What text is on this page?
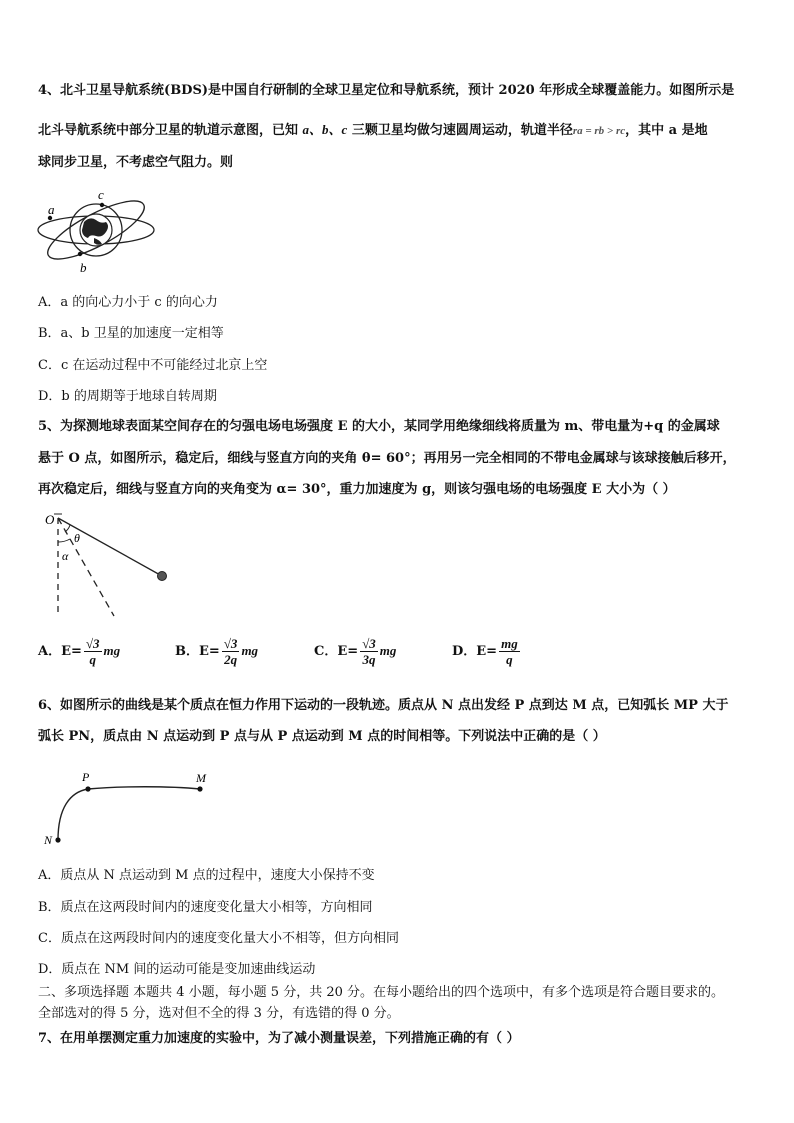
4、北斗卫星导航系统(BDS)是中国自行研制的全球卫星定位和导航系统，预计 2020 年形成全球覆盖能力。如图所示是
北斗导航系统中部分卫星的轨道示意图，已知 a、b、c 三颗卫星均做匀速圆周运动，轨道半径ra = rb > rc，其中 a 是地
球同步卫星，不考虑空气阻力。则
a
b
c
A．a 的向心力小于 c 的向心力
B．a、b 卫星的加速度一定相等
C．c 在运动过程中不可能经过北京上空
D．b 的周期等于地球自转周期
5、为探测地球表面某空间存在的匀强电场电场强度 E 的大小，某同学用绝缘细线将质量为 m、带电量为+q 的金属球
悬于 O 点，如图所示，稳定后，细线与竖直方向的夹角 θ= 60°；再用另一完全相同的不带电金属球与该球接触后移开，
再次稳定后，细线与竖直方向的夹角变为 α= 30°，重力加速度为 g，则该匀强电场的电场强度 E 大小为（ ）
O
θ
α
A．$E= \frac{√3}{q}$ mg	B．$E= \frac{√3}{2q}$ mg	C．$E= \frac{√3}{3q}$ mg	D．$E= \frac{mg}{q}$
6、如图所示的曲线是某个质点在恒力作用下运动的一段轨迹。质点从 N 点出发经 P 点到达 M 点，已知弧长 MP 大于
弧长 PN，质点由 N 点运动到 P 点与从 P 点运动到 M 点的时间相等。下列说法中正确的是（ ）
P	M
N
A．质点从 N 点运动到 M 点的过程中，速度大小保持不变
B．质点在这两段时间内的速度变化量大小相等，方向相同
C．质点在这两段时间内的速度变化量大小不相等，但方向相同
D．质点在 NM 间的运动可能是变加速曲线运动
二、多项选择题 本题共 4 小题，每小题 5 分，共 20 分。在每小题给出的四个选项中，有多个选项是符合题目要求的。
全部选对的得 5 分，选对但不全的得 3 分，有选错的得 0 分。
7、在用单摆测定重力加速度的实验中，为了减小测量误差，下列措施正确的有（ ）
